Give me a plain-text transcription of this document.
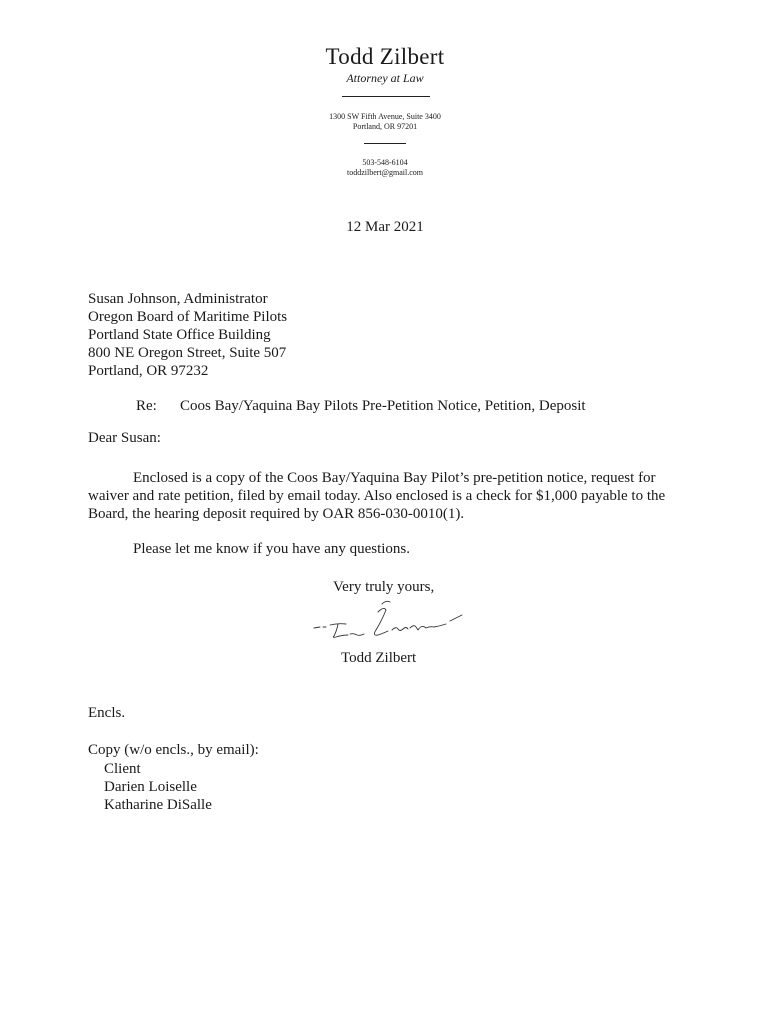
Todd Zilbert
Attorney at Law
1300 SW Fifth Avenue, Suite 3400
Portland, OR 97201
503-548-6104
toddzilbert@gmail.com
12 Mar 2021
Susan Johnson, Administrator
Oregon Board of Maritime Pilots
Portland State Office Building
800 NE Oregon Street, Suite 507
Portland, OR 97232
Re: Coos Bay/Yaquina Bay Pilots Pre-Petition Notice, Petition, Deposit
Dear Susan:
Enclosed is a copy of the Coos Bay/Yaquina Bay Pilot’s pre-petition notice, request for
waiver and rate petition, filed by email today. Also enclosed is a check for $1,000 payable to the
Board, the hearing deposit required by OAR 856-030-0010(1).
Please let me know if you have any questions.
Very truly yours,
Todd Zilbert
Encls.
Copy (w/o encls., by email):
Client
Darien Loiselle
Katharine DiSalle
